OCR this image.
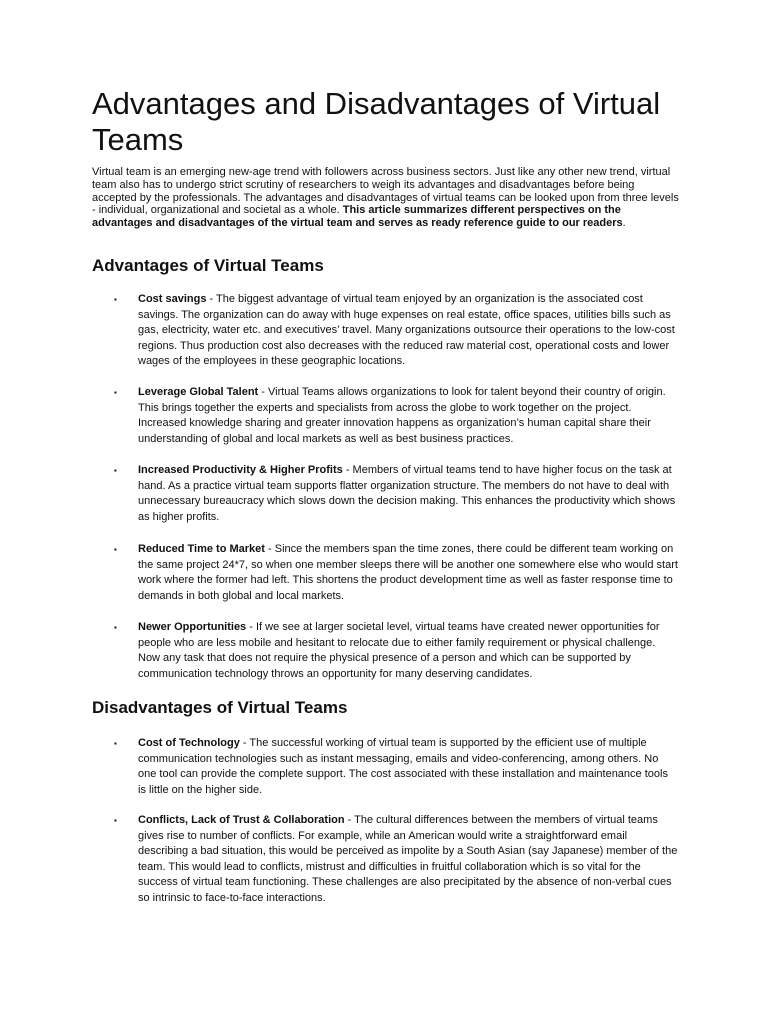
Advantages and Disadvantages of Virtual Teams

Virtual team is an emerging new-age trend with followers across business sectors. Just like any other new trend, virtual team also has to undergo strict scrutiny of researchers to weigh its advantages and disadvantages before being accepted by the professionals. The advantages and disadvantages of virtual teams can be looked upon from three levels - individual, organizational and societal as a whole. This article summarizes different perspectives on the advantages and disadvantages of the virtual team and serves as ready reference guide to our readers.

Advantages of Virtual Teams
▪ Cost savings - The biggest advantage of virtual team enjoyed by an organization is the associated cost savings. The organization can do away with huge expenses on real estate, office spaces, utilities bills such as gas, electricity, water etc. and executives’ travel. Many organizations outsource their operations to the low-cost regions. Thus production cost also decreases with the reduced raw material cost, operational costs and lower wages of the employees in these geographic locations.

▪ Leverage Global Talent - Virtual Teams allows organizations to look for talent beyond their country of origin. This brings together the experts and specialists from across the globe to work together on the project. Increased knowledge sharing and greater innovation happens as organization’s human capital share their understanding of global and local markets as well as best business practices.

▪ Increased Productivity & Higher Profits - Members of virtual teams tend to have higher focus on the task at hand. As a practice virtual team supports flatter organization structure. The members do not have to deal with unnecessary bureaucracy which slows down the decision making. This enhances the productivity which shows as higher profits.

▪ Reduced Time to Market - Since the members span the time zones, there could be different team working on the same project 24*7, so when one member sleeps there will be another one somewhere else who would start work where the former had left. This shortens the product development time as well as faster response time to demands in both global and local markets.

▪ Newer Opportunities - If we see at larger societal level, virtual teams have created newer opportunities for people who are less mobile and hesitant to relocate due to either family requirement or physical challenge. Now any task that does not require the physical presence of a person and which can be supported by communication technology throws an opportunity for many deserving candidates.

Disadvantages of Virtual Teams
▪ Cost of Technology - The successful working of virtual team is supported by the efficient use of multiple communication technologies such as instant messaging, emails and video-conferencing, among others. No one tool can provide the complete support. The cost associated with these installation and maintenance tools is little on the higher side.

▪ Conflicts, Lack of Trust & Collaboration - The cultural differences between the members of virtual teams gives rise to number of conflicts. For example, while an American would write a straightforward email describing a bad situation, this would be perceived as impolite by a South Asian (say Japanese) member of the team. This would lead to conflicts, mistrust and difficulties in fruitful collaboration which is so vital for the success of virtual team functioning. These challenges are also precipitated by the absence of non-verbal cues so intrinsic to face-to-face interactions.
